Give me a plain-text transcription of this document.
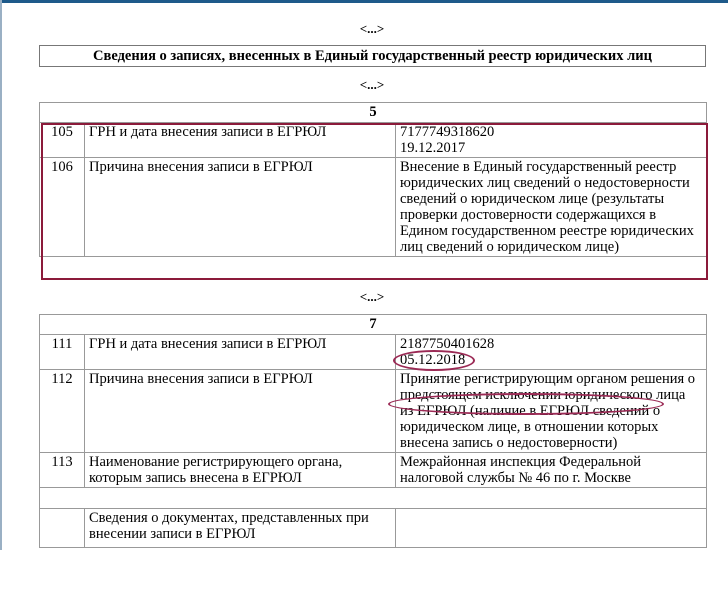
<...>
Сведения о записях, внесенных в Единый государственный реестр юридических лиц
<...>
5		
105	ГРН и дата внесения записи в ЕГРЮЛ	7177749318620
19.12.2017

106	Причина внесения записи в ЕГРЮЛ	Внесение в Единый государственный реестр юридических лиц сведений о недостоверности сведений о юридическом лице (результаты проверки достоверности содержащихся в Едином государственном реестре юридических лиц сведений о юридическом лице)
<...>
7		
111	ГРН и дата внесения записи в ЕГРЮЛ	2187750401628
05.12.2018

112	Причина внесения записи в ЕГРЮЛ	Принятие регистрирующим органом решения о предстоящем исключении юридического лица из ЕГРЮЛ (наличие в ЕГРЮЛ сведений о юридическом лице, в отношении которых внесена запись о недостоверности)
113	Наименование регистрирующего органа, которым запись внесена в ЕГРЮЛ	Межрайонная инспекция Федеральной налоговой службы № 46 по г. Москве

	Сведения о документах, представленных при внесении записи в ЕГРЮЛ	
